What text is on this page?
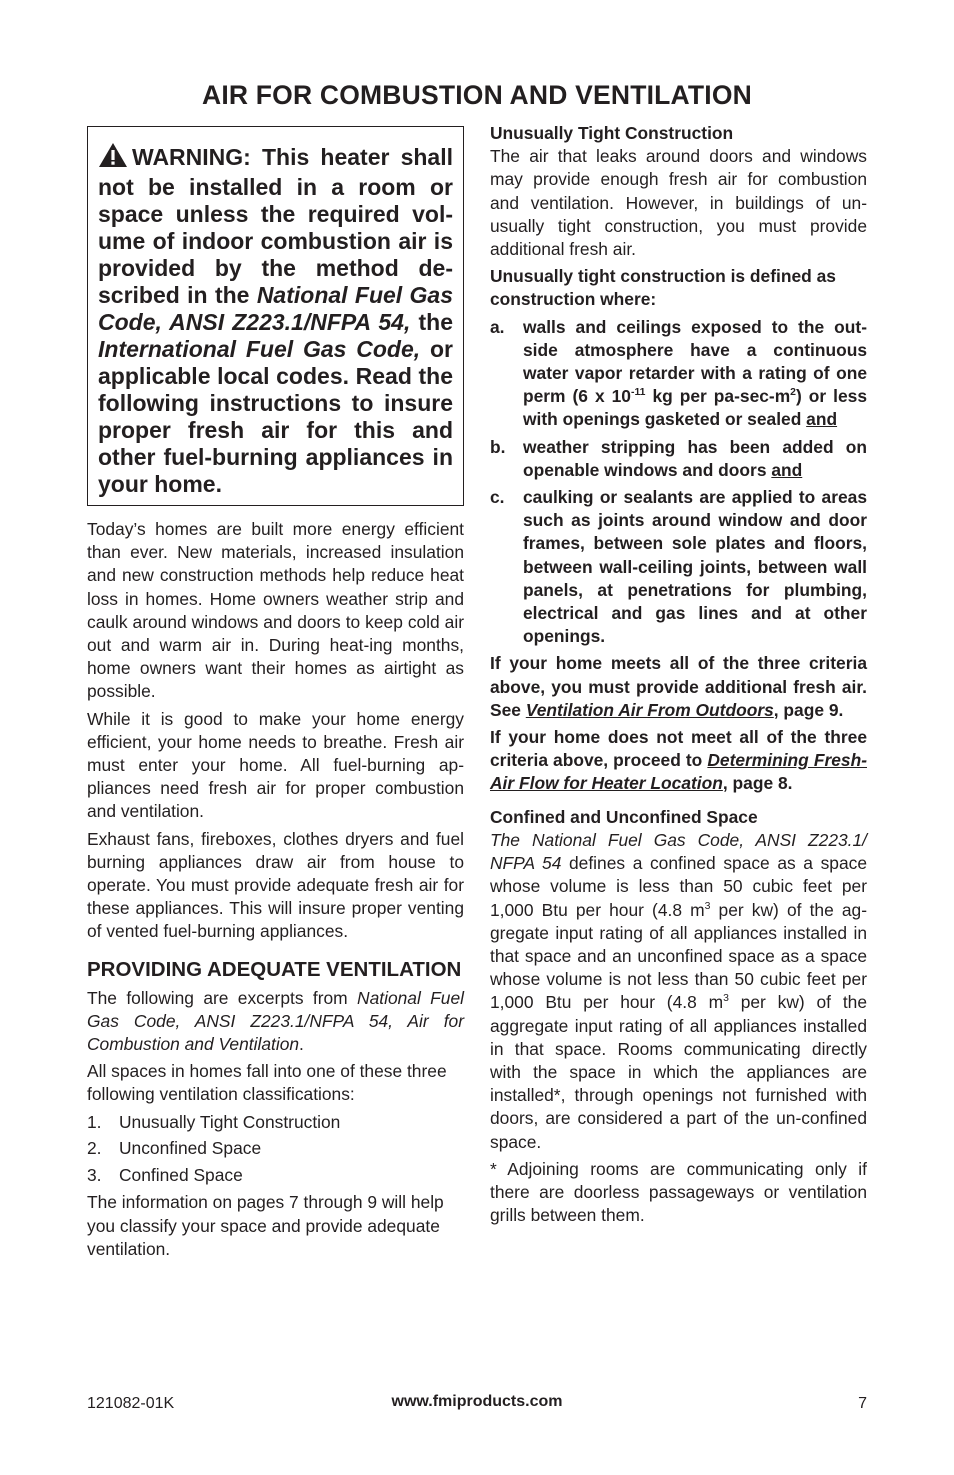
AIR FOR COMBUSTION AND VENTILATION
WARNING: This heater shall not be installed in a room or space unless the required vol-ume of indoor combustion air is provided by the method de-scribed in the National Fuel Gas Code, ANSI Z223.1/NFPA 54, the International Fuel Gas Code, or applicable local codes. Read the following instructions to insure proper fresh air for this and other fuel-burning appliances in your home.

Today’s homes are built more energy efficient than ever. New materials, increased insulation and new construction methods help reduce heat loss in homes. Home owners weather strip and caulk around windows and doors to keep cold air out and warm air in. During heat-ing months, home owners want their homes as airtight as possible.

While it is good to make your home energy efficient, your home needs to breathe. Fresh air must enter your home. All fuel-burning ap-pliances need fresh air for proper combustion and ventilation.

Exhaust fans, fireboxes, clothes dryers and fuel burning appliances draw air from house to operate. You must provide adequate fresh air for these appliances. This will insure proper venting of vented fuel-burning appliances.

PROVIDING ADEQUATE VENTILATION

The following are excerpts from National Fuel Gas Code, ANSI Z223.1/NFPA 54, Air for Combustion and Ventilation.

All spaces in homes fall into one of these three following ventilation classifications:

1. Unusually Tight Construction
2. Unconfined Space
3. Confined Space

The information on pages 7 through 9 will help you classify your space and provide adequate ventilation.

Unusually Tight Construction

The air that leaks around doors and windows may provide enough fresh air for combustion and ventilation. However, in buildings of un-usually tight construction, you must provide additional fresh air.

Unusually tight construction is defined as construction where:

a. walls and ceilings exposed to the out-side atmosphere have a continuous water vapor retarder with a rating of one perm (6 x $10^{-11}$ kg per $pa-\sec-m^2$) or less with openings gasketed or sealed and
b. weather stripping has been added on openable windows and doors and
c. caulking or sealants are applied to areas such as joints around window and door frames, between sole plates and floors, between wall-ceiling joints, between wall panels, at penetrations for plumbing, electrical and gas lines and at other openings.

If your home meets all of the three criteria above, you must provide additional fresh air. See Ventilation Air From Outdoors, page 9.

If your home does not meet all of the three criteria above, proceed to Determining Fresh-Air Flow for Heater Location, page 8.

Confined and Unconfined Space

The National Fuel Gas Code, ANSI Z223.1/ NFPA 54 defines a confined space as a space whose volume is less than 50 cubic feet per 1,000 Btu per hour (4.8 $m^3$ per kw) of the ag-gregate input rating of all appliances installed in that space and an unconfined space as a space whose volume is not less than 50 cubic feet per 1,000 Btu per hour (4.8 $m^3$ per kw) of the aggregate input rating of all appliances installed in that space. Rooms communicating directly with the space in which the appliances are installed*, through openings not furnished with doors, are considered a part of the un-confined space.

* Adjoining rooms are communicating only if there are doorless passageways or ventilation grills between them.

121082-01K	www.fmiproducts.com	7
